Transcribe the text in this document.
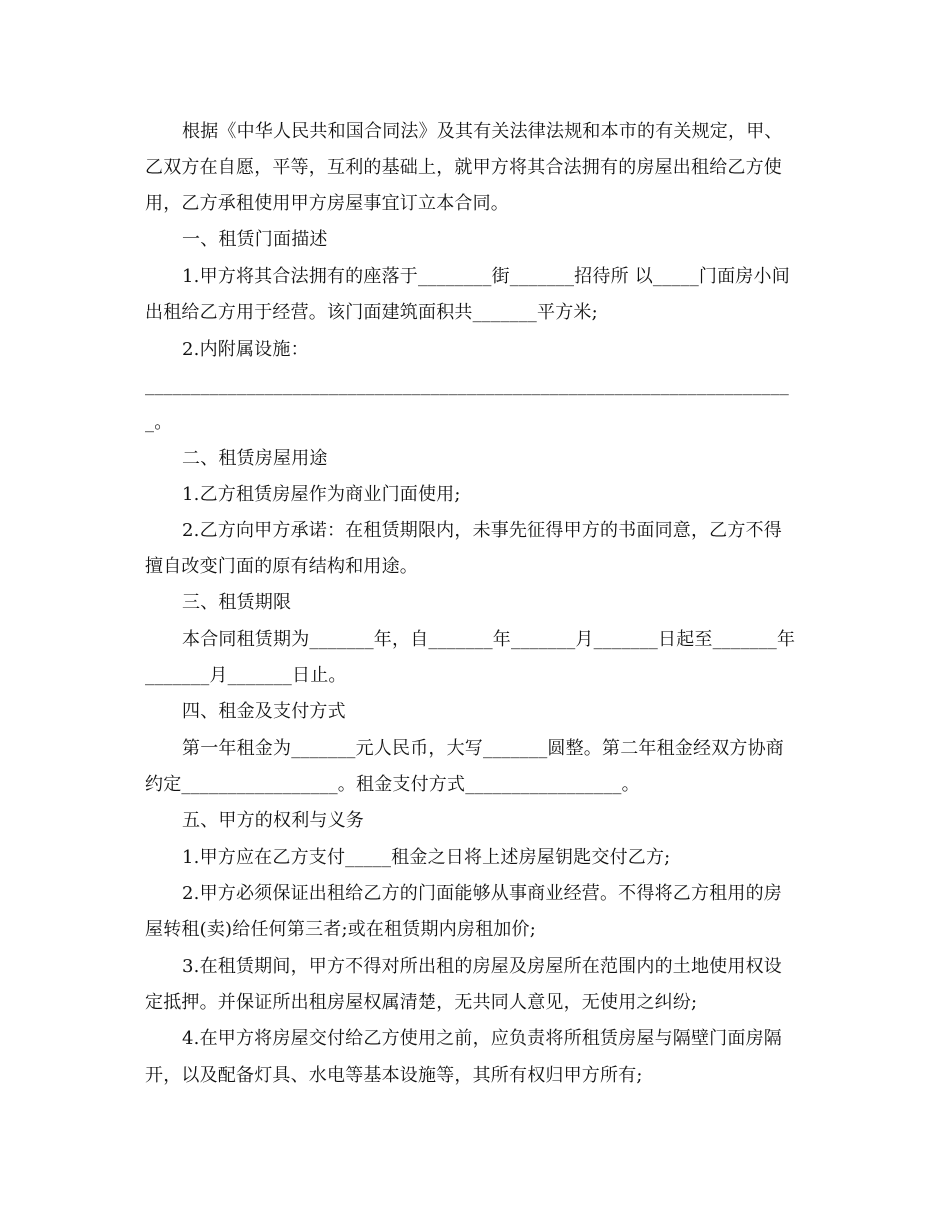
根据《中华人民共和国合同法》及其有关法律法规和本市的有关规定，甲、
乙双方在自愿，平等，互利的基础上，就甲方将其合法拥有的房屋出租给乙方使
用，乙方承租使用甲方房屋事宜订立本合同。
一、租赁门面描述
1.甲方将其合法拥有的座落于________街_______招待所 以_____门面房小间
出租给乙方用于经营。该门面建筑面积共_______平方米;
2.内附属设施：
______________________________________________________________________
_。
二、租赁房屋用途
1.乙方租赁房屋作为商业门面使用;
2.乙方向甲方承诺：在租赁期限内，未事先征得甲方的书面同意，乙方不得
擅自改变门面的原有结构和用途。
三、租赁期限
本合同租赁期为_______年，自_______年_______月_______日起至_______年
_______月_______日止。
四、租金及支付方式
第一年租金为_______元人民币，大写_______圆整。第二年租金经双方协商
约定_________________。租金支付方式_________________。
五、甲方的权利与义务
1.甲方应在乙方支付_____租金之日将上述房屋钥匙交付乙方;
2.甲方必须保证出租给乙方的门面能够从事商业经营。不得将乙方租用的房
屋转租(卖)给任何第三者;或在租赁期内房租加价;
3.在租赁期间，甲方不得对所出租的房屋及房屋所在范围内的土地使用权设
定抵押。并保证所出租房屋权属清楚，无共同人意见，无使用之纠纷;
4.在甲方将房屋交付给乙方使用之前，应负责将所租赁房屋与隔壁门面房隔
开，以及配备灯具、水电等基本设施等，其所有权归甲方所有;
